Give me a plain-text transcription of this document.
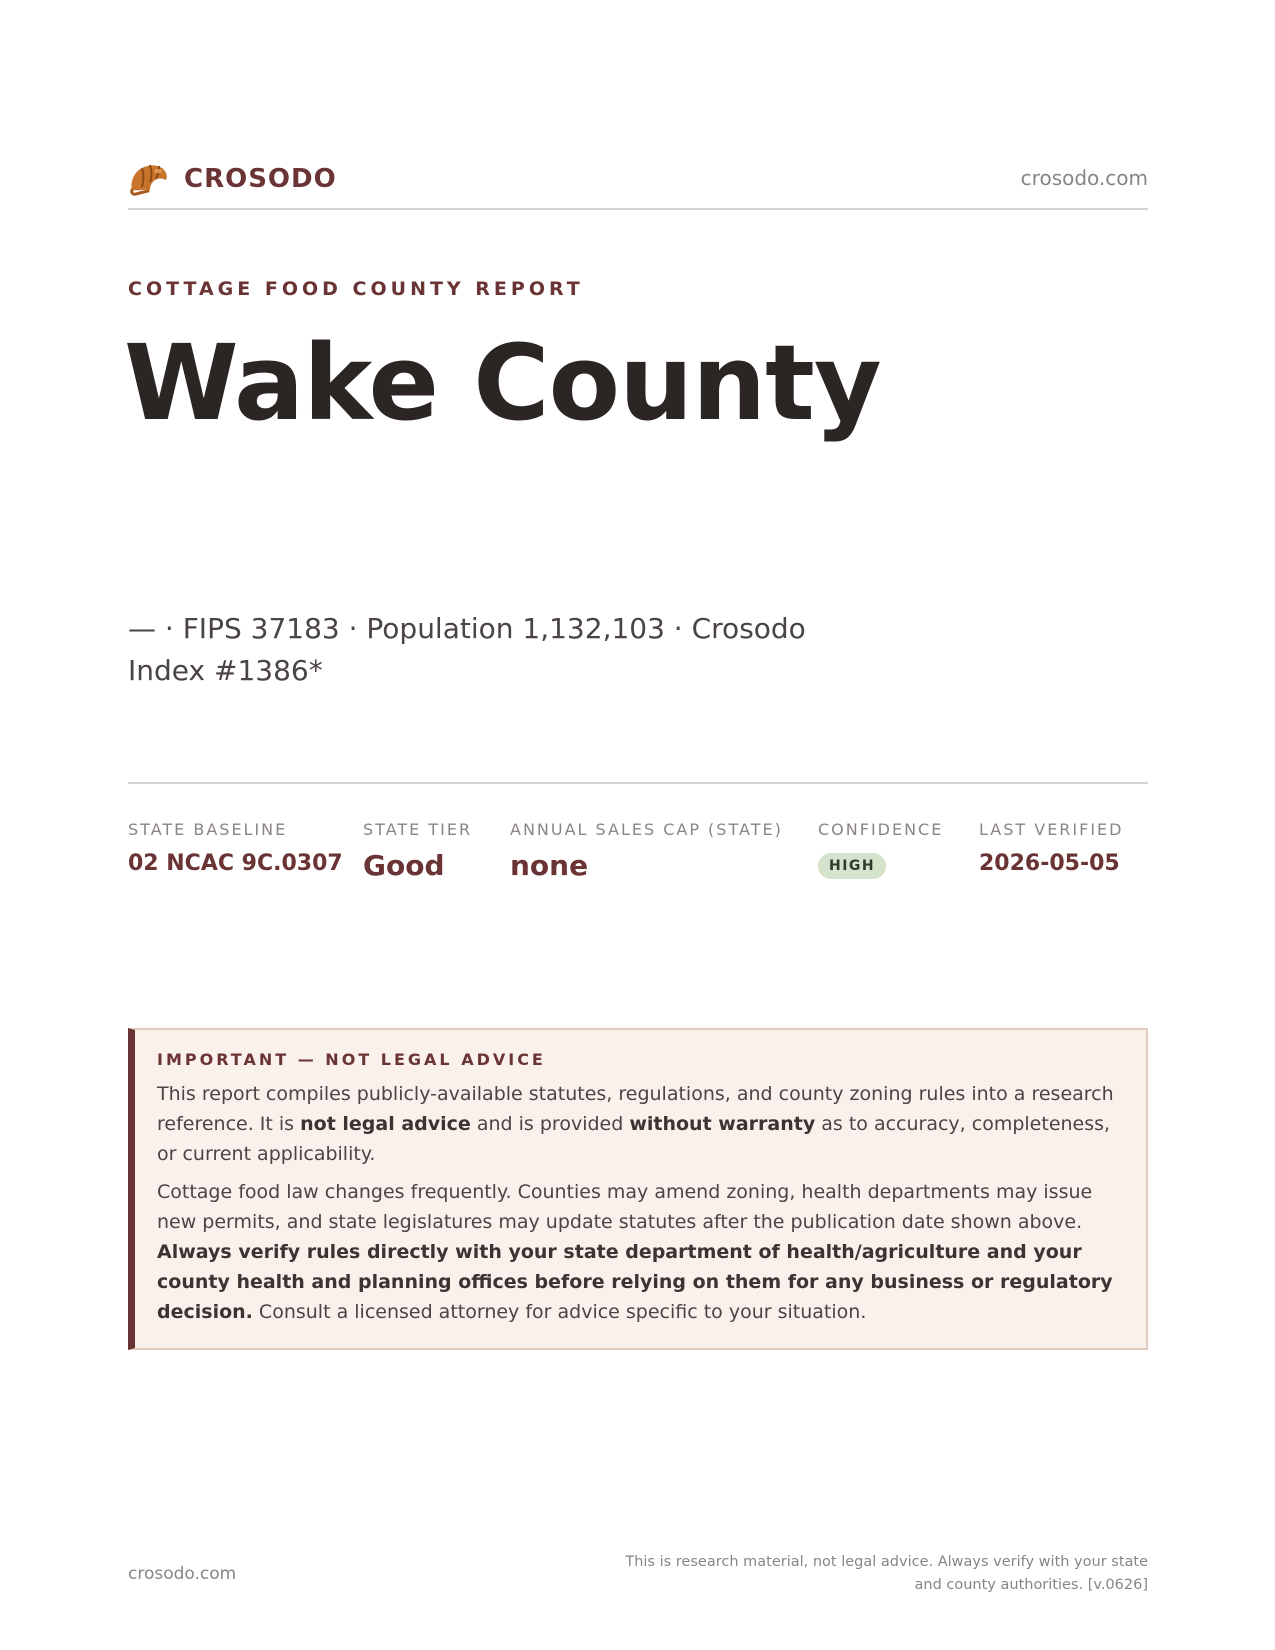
CROSODO	crosodo.com
COTTAGE FOOD COUNTY REPORT
Wake County
— · FIPS 37183 · Population 1,132,103 · Crosodo Index #1386*
STATE BASELINE
02 NCAC 9C.0307
STATE TIER
Good
ANNUAL SALES CAP (STATE)
none
CONFIDENCE
HIGH
LAST VERIFIED
2026-05-05
IMPORTANT — NOT LEGAL ADVICE

This report compiles publicly-available statutes, regulations, and county zoning rules into a research reference. It is not legal advice and is provided without warranty as to accuracy, completeness, or current applicability.

Cottage food law changes frequently. Counties may amend zoning, health departments may issue new permits, and state legislatures may update statutes after the publication date shown above. Always verify rules directly with your state department of health/agriculture and your county health and planning offices before relying on them for any business or regulatory decision. Consult a licensed attorney for advice specific to your situation.

crosodo.com
This is research material, not legal advice. Always verify with your state
and county authorities. [v.0626]
